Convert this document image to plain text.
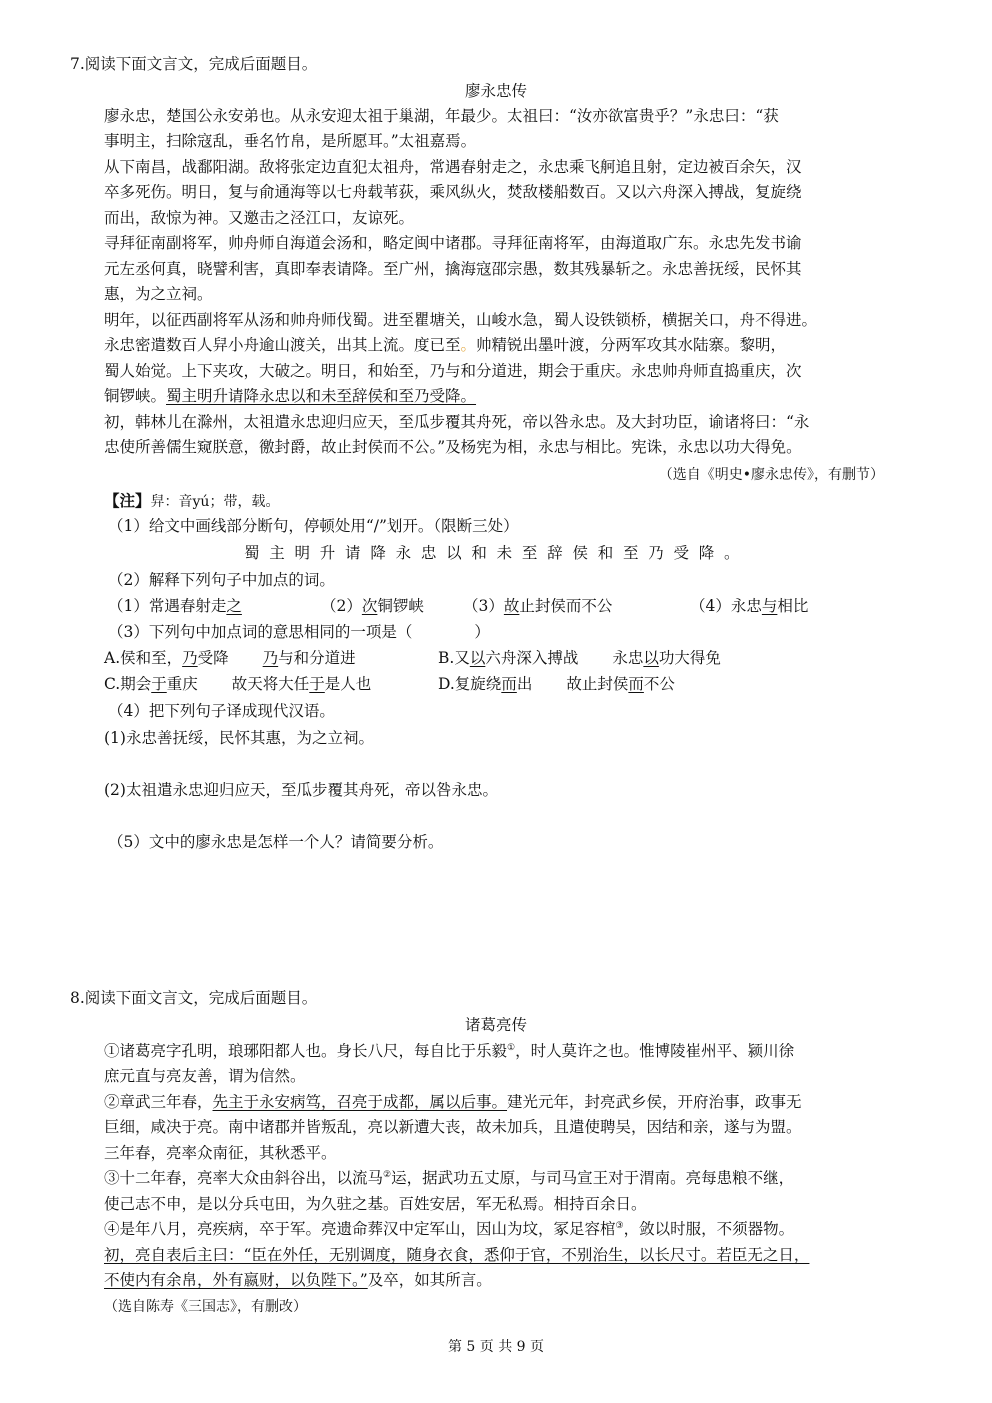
7.阅读下面文言文，完成后面题目。
廖永忠传
廖永忠，楚国公永安弟也。从永安迎太祖于巢湖，年最少。太祖曰：“汝亦欲富贵乎？”永忠曰：“获
事明主，扫除寇乱，垂名竹帛，是所愿耳。”太祖嘉焉。
从下南昌，战鄱阳湖。敌将张定边直犯太祖舟，常遇春射走之，永忠乘飞舸追且射，定边被百余矢，汉
卒多死伤。明日，复与俞通海等以七舟载苇荻，乘风纵火，焚敌楼船数百。又以六舟深入搏战，复旋绕
而出，敌惊为神。又邀击之泾江口，友谅死。
寻拜征南副将军，帅舟师自海道会汤和，略定闽中诸郡。寻拜征南将军，由海道取广东。永忠先发书谕
元左丞何真，晓譬利害，真即奉表请降。至广州，擒海寇邵宗愚，数其残暴斩之。永忠善抚绥，民怀其
惠，为之立祠。
明年，以征西副将军从汤和帅舟师伐蜀。进至瞿塘关，山峻水急，蜀人设铁锁桥，横据关口，舟不得进。
永忠密遣数百人舁小舟逾山渡关，出其上流。度已至。帅精锐出墨叶渡，分两军攻其水陆寨。黎明，
蜀人始觉。上下夹攻，大破之。明日，和始至，乃与和分道进，期会于重庆。永忠帅舟师直捣重庆，次
铜锣峡。蜀主明升请降永忠以和未至辞侯和至乃受降。
初，韩林儿在滁州，太祖遣永忠迎归应天，至瓜步覆其舟死，帝以咎永忠。及大封功臣，谕诸将曰：“永
忠使所善儒生窥朕意，徼封爵，故止封侯而不公。”及杨宪为相，永忠与相比。宪诛，永忠以功大得免。
（选自《明史•廖永忠传》，有删节）
【注】舁：音yú；带，载。
（1）给文中画线部分断句，停顿处用“/”划开。（限断三处）
蜀主明升请降永忠以和未至辞侯和至乃受降。
（2）解释下列句子中加点的词。
（1）常遇春射走之	（2）次铜锣峡	（3）故止封侯而不公	（4）永忠与相比
（3）下列句中加点词的意思相同的一项是（　　　　）
A.侯和至，乃受降 乃与和分道进	B.又以六舟深入搏战 永忠以功大得免
C.期会于重庆 故天将大任于是人也	D.复旋绕而出 故止封侯而不公
（4）把下列句子译成现代汉语。
(1)永忠善抚绥，民怀其惠，为之立祠。
(2)太祖遣永忠迎归应天，至瓜步覆其舟死，帝以咎永忠。
（5）文中的廖永忠是怎样一个人？请简要分析。
8.阅读下面文言文，完成后面题目。
诸葛亮传
①诸葛亮字孔明，琅琊阳都人也。身长八尺，每自比于乐毅①，时人莫许之也。惟博陵崔州平、颍川徐
庶元直与亮友善，谓为信然。
②章武三年春，先主于永安病笃，召亮于成都，属以后事。建光元年，封亮武乡侯，开府治事，政事无
巨细，咸决于亮。南中诸郡并皆叛乱，亮以新遭大丧，故未加兵，且遣使聘吴，因结和亲，遂与为盟。
三年春，亮率众南征，其秋悉平。
③十二年春，亮率大众由斜谷出，以流马②运，据武功五丈原，与司马宣王对于渭南。亮每患粮不继，
使己志不申，是以分兵屯田，为久驻之基。百姓安居，军无私焉。相持百余日。
④是年八月，亮疾病，卒于军。亮遗命葬汉中定军山，因山为坟，冢足容棺③，敛以时服，不须器物。
初，亮自表后主曰：“臣在外任，无别调度，随身衣食，悉仰于官，不别治生，以长尺寸。若臣无之日，
不使内有余帛，外有嬴财，以负陛下。”及卒，如其所言。
（选自陈寿《三国志》，有删改）
第 5 页 共 9 页
